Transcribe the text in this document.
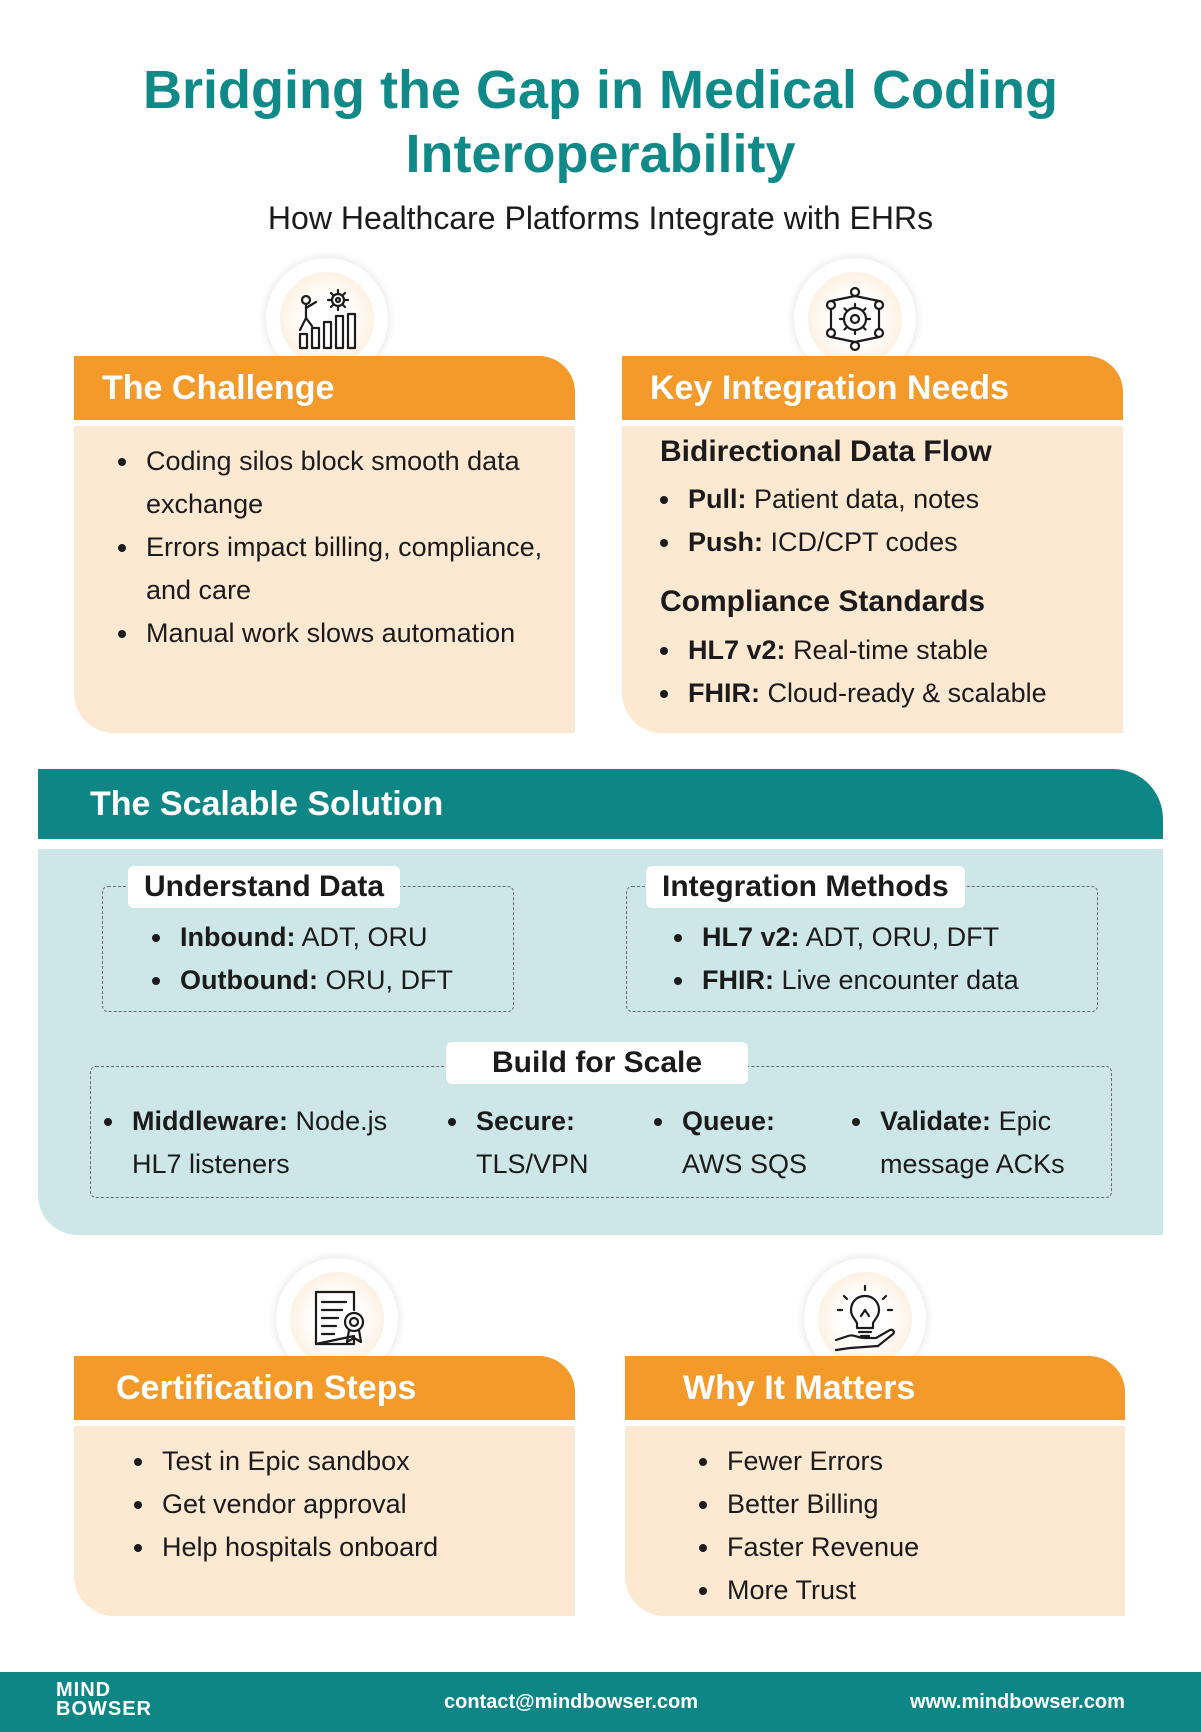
Bridging the Gap in Medical Coding Interoperability
How Healthcare Platforms Integrate with EHRs
The Challenge
Coding silos block smooth data exchange
Errors impact billing, compliance, and care
Manual work slows automation
Key Integration Needs
Bidirectional Data Flow
Pull: Patient data, notes
Push: ICD/CPT codes
Compliance Standards
HL7 v2: Real-time stable
FHIR: Cloud-ready & scalable
The Scalable Solution
Understand Data
Inbound: ADT, ORU
Outbound: ORU, DFT
Integration Methods
HL7 v2: ADT, ORU, DFT
FHIR: Live encounter data
Build for Scale
Middleware: Node.js
HL7 listeners
Secure:
TLS/VPN
Queue:
AWS SQS
Validate: Epic
message ACKs
Certification Steps
Test in Epic sandbox
Get vendor approval
Help hospitals onboard
Why It Matters
Fewer Errors
Better Billing
Faster Revenue
More Trust
MIND
BOWSER	contact@mindbowser.com	www.mindbowser.com
